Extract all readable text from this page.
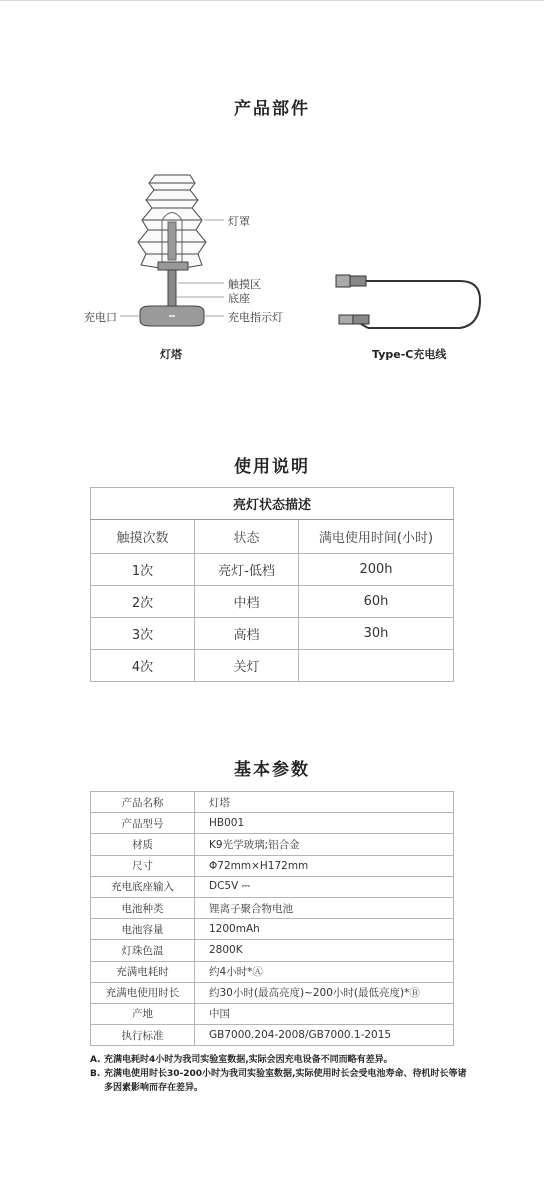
产品部件
灯罩
触摸区
底座
充电指示灯
充电口
灯塔	Type-C充电线
使用说明
亮灯状态描述		
触摸次数	状态	满电使用时间(小时)
1次	亮灯-低档	200h
2次	中档	60h
3次	高档	30h
4次	关灯	
基本参数
产品名称	灯塔
产品型号	HB001
材质	K9光学玻璃;铝合金
尺寸	Φ72mm×H172mm
充电底座输入	DC5V ⎓
电池种类	锂离子聚合物电池
电池容量	1200mAh
灯珠色温	2800K
充满电耗时	约4小时*Ⓐ
充满电使用时长	约30小时(最高亮度)~200小时(最低亮度)*Ⓑ
产地	中国
执行标准	GB7000.204-2008/GB7000.1-2015
A. 充满电耗时4小时为我司实验室数据,实际会因充电设备不同而略有差异。
B. 充满电使用时长30-200小时为我司实验室数据,实际使用时长会受电池寿命、待机时长等诸多因素影响而存在差异。
